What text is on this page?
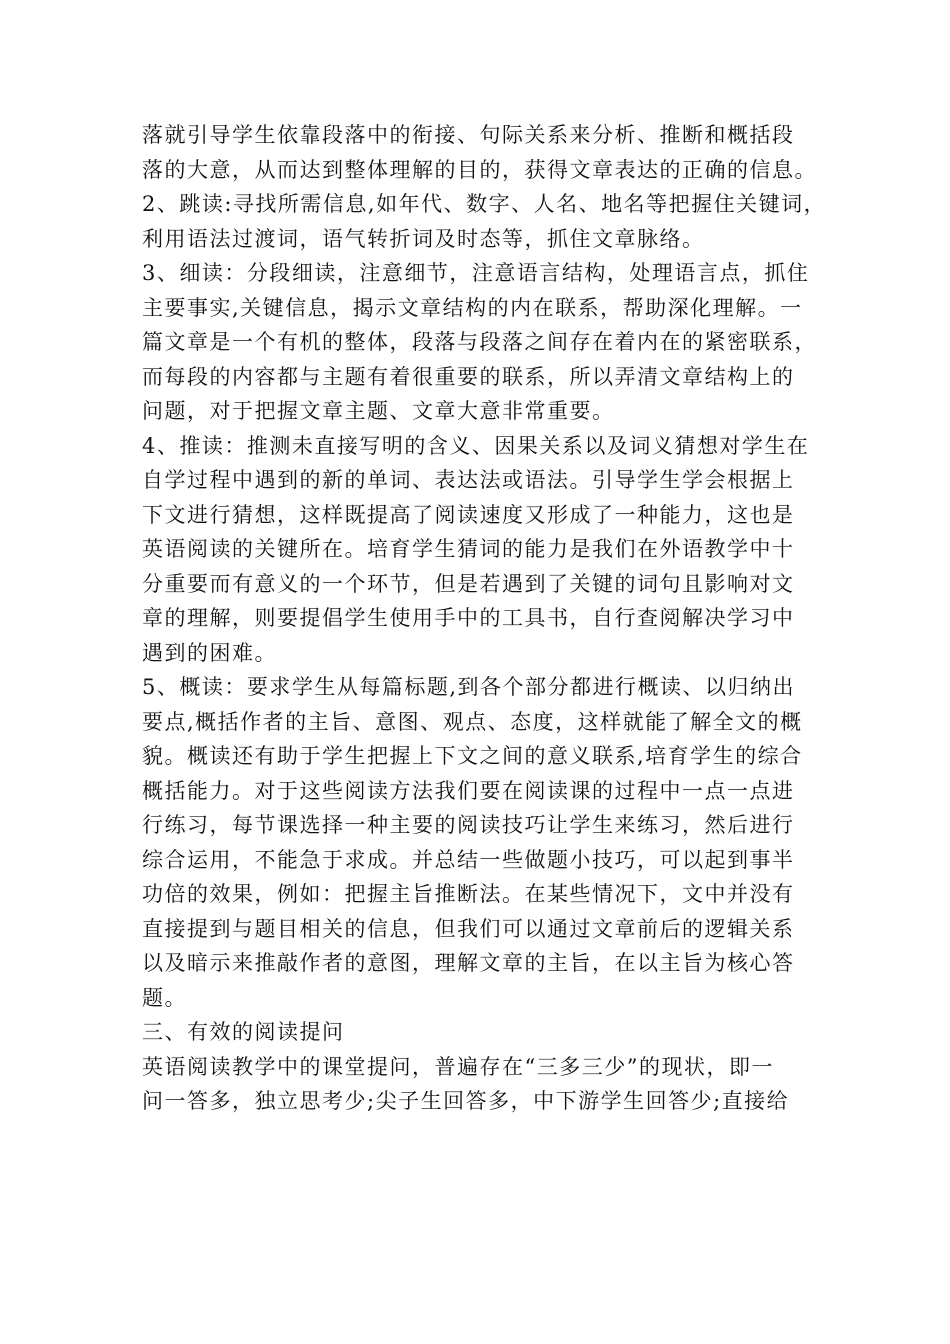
落就引导学生依靠段落中的衔接、句际关系来分析、推断和概括段

落的大意，从而达到整体理解的目的，获得文章表达的正确的信息。

2、跳读:寻找所需信息,如年代、数字、人名、地名等把握住关键词，

利用语法过渡词，语气转折词及时态等，抓住文章脉络。

3、细读：分段细读，注意细节，注意语言结构，处理语言点，抓住

主要事实,关键信息，揭示文章结构的内在联系，帮助深化理解。一

篇文章是一个有机的整体，段落与段落之间存在着内在的紧密联系，

而每段的内容都与主题有着很重要的联系，所以弄清文章结构上的

问题，对于把握文章主题、文章大意非常重要。

4、推读：推测未直接写明的含义、因果关系以及词义猜想对学生在

自学过程中遇到的新的单词、表达法或语法。引导学生学会根据上

下文进行猜想，这样既提高了阅读速度又形成了一种能力，这也是

英语阅读的关键所在。培育学生猜词的能力是我们在外语教学中十

分重要而有意义的一个环节，但是若遇到了关键的词句且影响对文

章的理解，则要提倡学生使用手中的工具书，自行查阅解决学习中

遇到的困难。

5、概读：要求学生从每篇标题,到各个部分都进行概读、以归纳出

要点,概括作者的主旨、意图、观点、态度，这样就能了解全文的概

貌。概读还有助于学生把握上下文之间的意义联系,培育学生的综合

概括能力。对于这些阅读方法我们要在阅读课的过程中一点一点进

行练习，每节课选择一种主要的阅读技巧让学生来练习，然后进行

综合运用，不能急于求成。并总结一些做题小技巧，可以起到事半

功倍的效果，例如：把握主旨推断法。在某些情况下，文中并没有

直接提到与题目相关的信息，但我们可以通过文章前后的逻辑关系

以及暗示来推敲作者的意图，理解文章的主旨，在以主旨为核心答

题。

三、有效的阅读提问

英语阅读教学中的课堂提问，普遍存在“三多三少”的现状，即一

问一答多，独立思考少;尖子生回答多，中下游学生回答少;直接给
